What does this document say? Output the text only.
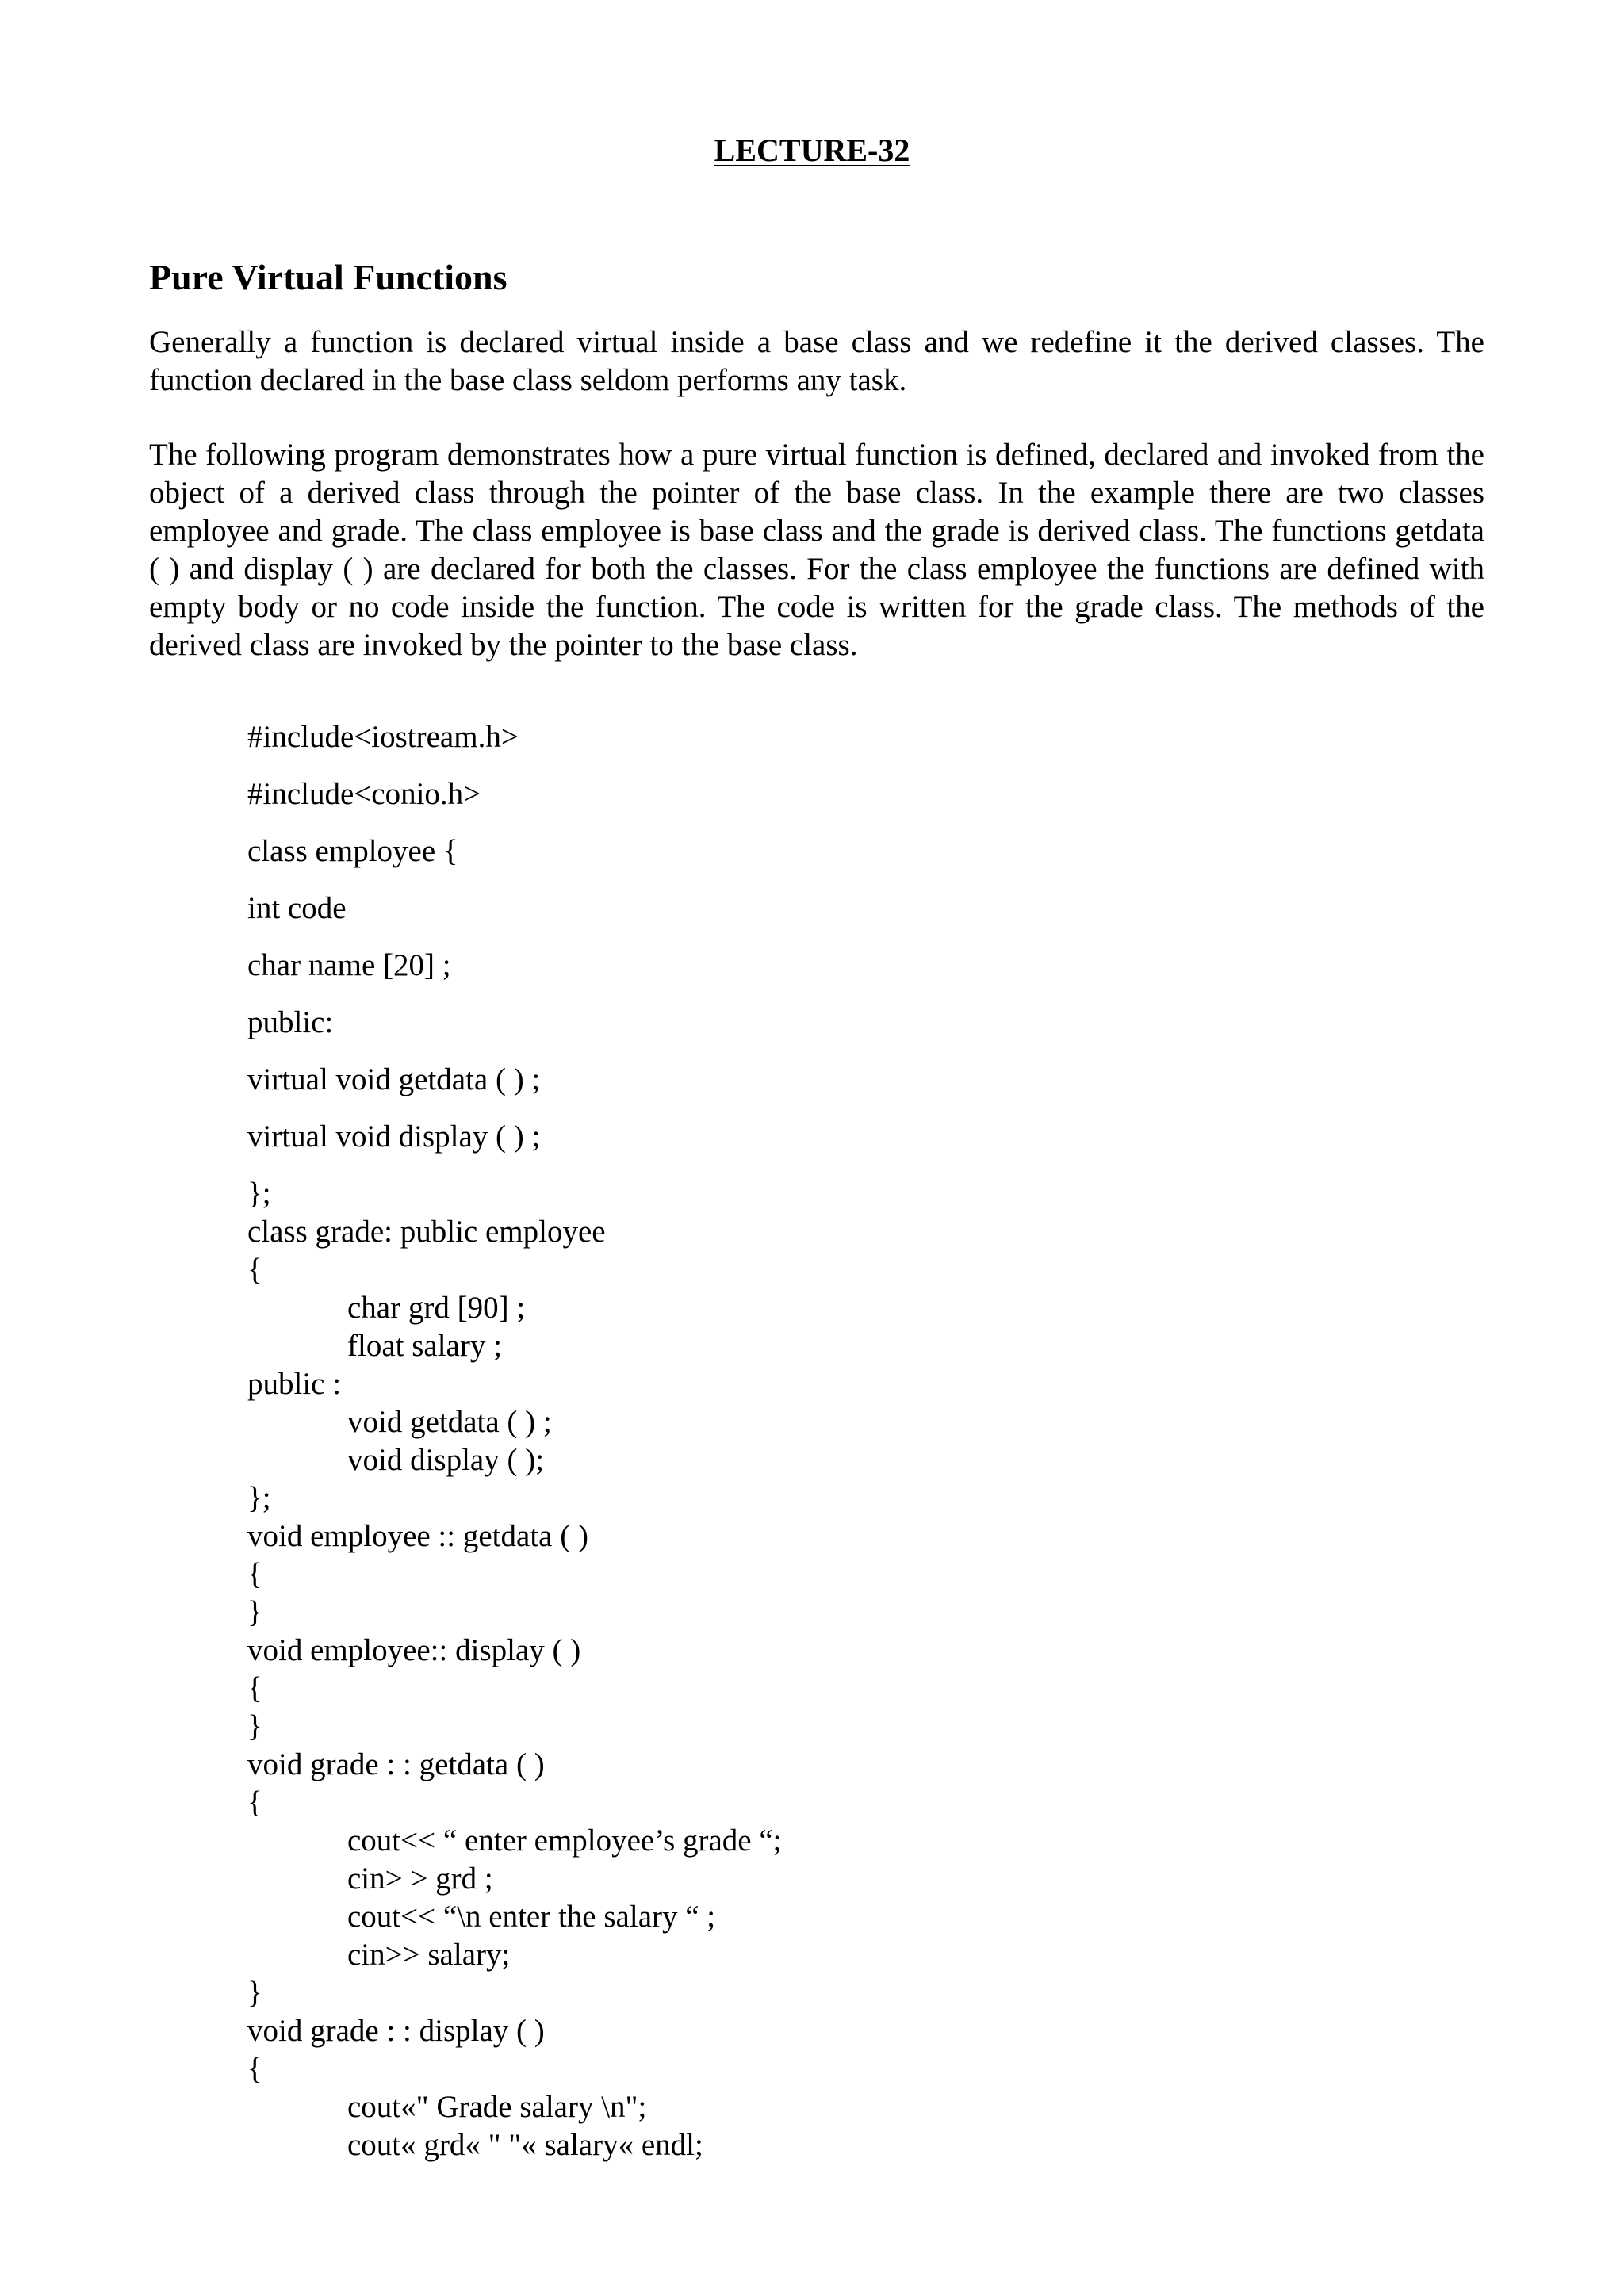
LECTURE-32
Pure Virtual Functions
Generally a function is declared virtual inside a base class and we redefine it the derived classes. The function declared in the base class seldom performs any task.
The following program demonstrates how a pure virtual function is defined, declared and invoked from the object of a derived class through the pointer of the base class. In the example there are two classes employee and grade. The class employee is base class and the grade is derived class. The functions getdata ( ) and display ( ) are declared for both the classes. For the class employee the functions are defined with empty body or no code inside the function. The code is written for the grade class. The methods of the derived class are invoked by the pointer to the base class.

#include<iostream.h>

#include<conio.h>

class employee {

int code

char name [20] ;

public:

virtual void getdata ( ) ;

virtual void display ( ) ;

};

class grade: public employee

{

char grd [90] ;

float salary ;

public :

void getdata ( ) ;

void display ( );

};

void employee :: getdata ( )

{

}

void employee:: display ( )

{

}

void grade : : getdata ( )

{

cout<< “ enter employee’s grade “;

cin> > grd ;

cout<< “\n enter the salary “ ;

cin>> salary;

}

void grade : : display ( )

{

cout«" Grade salary \n";

cout« grd« " "« salary« endl;
